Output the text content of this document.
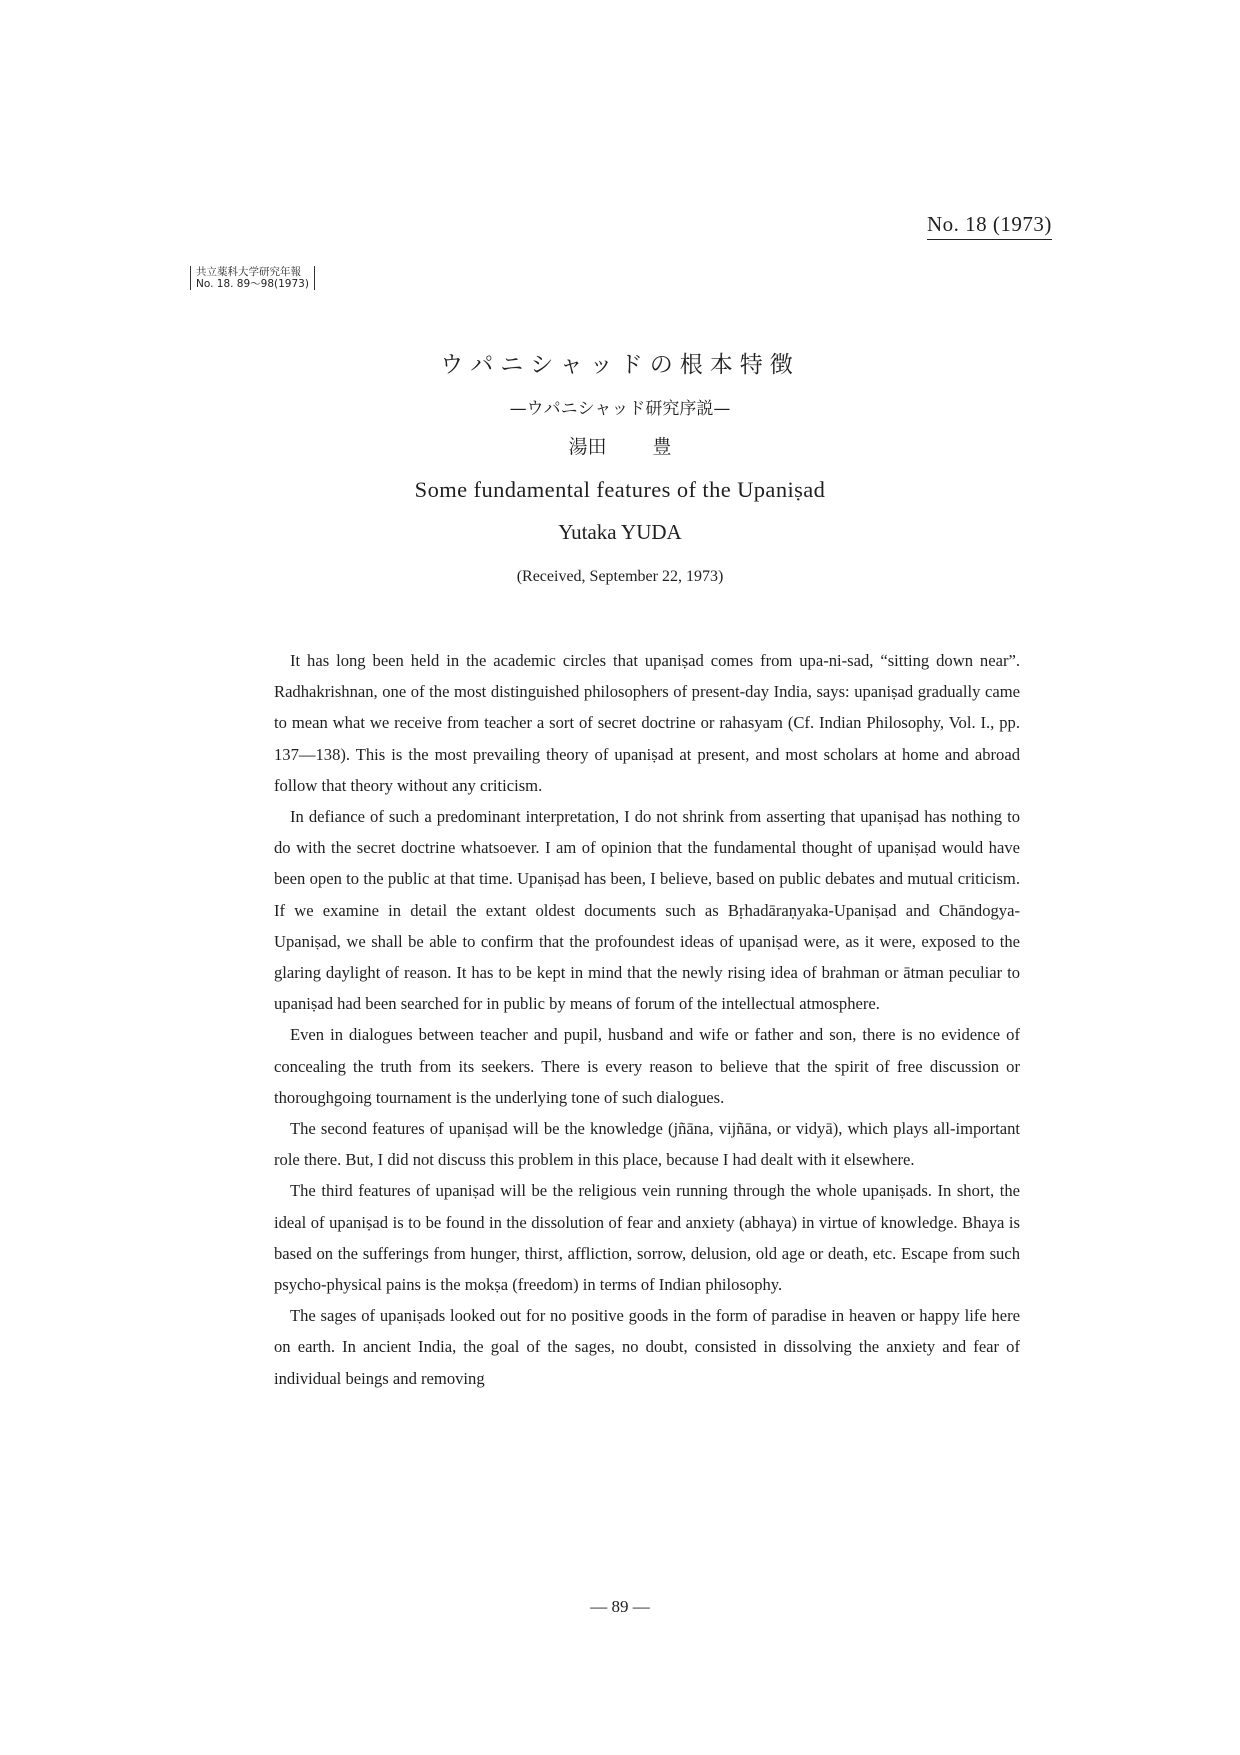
No. 18 (1973)
共立薬科大学研究年報
No. 18. 89〜98(1973)
ウパニシャッドの根本特徴
—ウパニシャッド研究序説—
湯田 豊
Some fundamental features of the Upaniṣad
Yutaka YUDA
(Received, September 22, 1973)

It has long been held in the academic circles that upaniṣad comes from upa-ni-sad, “sitting down near”. Radhakrishnan, one of the most distinguished philosophers of present-day India, says: upaniṣad gradually came to mean what we receive from teacher a sort of secret doctrine or rahasyam (Cf. Indian Philosophy, Vol. I., pp. 137—138). This is the most prevailing theory of upaniṣad at present, and most scholars at home and abroad follow that theory without any criticism.

In defiance of such a predominant interpretation, I do not shrink from asserting that upaniṣad has nothing to do with the secret doctrine whatsoever. I am of opinion that the fundamental thought of upaniṣad would have been open to the public at that time. Upaniṣad has been, I believe, based on public debates and mutual criticism. If we examine in detail the extant oldest documents such as Bṛhadāraṇyaka-Upaniṣad and Chāndogya-Upaniṣad, we shall be able to confirm that the profoundest ideas of upaniṣad were, as it were, exposed to the glaring daylight of reason. It has to be kept in mind that the newly rising idea of brahman or ātman peculiar to upaniṣad had been searched for in public by means of forum of the intellectual atmosphere.

Even in dialogues between teacher and pupil, husband and wife or father and son, there is no evidence of concealing the truth from its seekers. There is every reason to believe that the spirit of free discussion or thoroughgoing tournament is the underlying tone of such dialogues.

The second features of upaniṣad will be the knowledge (jñāna, vijñāna, or vidyā), which plays all-important role there. But, I did not discuss this problem in this place, because I had dealt with it elsewhere.

The third features of upaniṣad will be the religious vein running through the whole upaniṣads. In short, the ideal of upaniṣad is to be found in the dissolution of fear and anxiety (abhaya) in virtue of knowledge. Bhaya is based on the sufferings from hunger, thirst, affliction, sorrow, delusion, old age or death, etc. Escape from such psycho-physical pains is the mokṣa (freedom) in terms of Indian philosophy.

The sages of upaniṣads looked out for no positive goods in the form of paradise in heaven or happy life here on earth. In ancient India, the goal of the sages, no doubt, consisted in dissolving the anxiety and fear of individual beings and removing

— 89 —
